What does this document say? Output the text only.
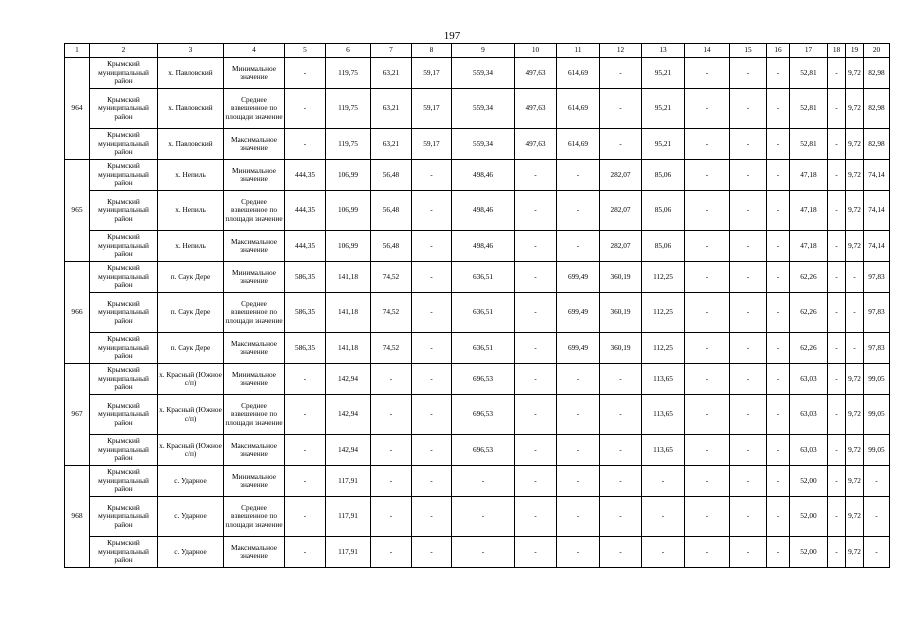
197
1	2	3	4	5	6	7	8	9	10	11	12	13	14	15	16	17	18	19	20
964	Крымский муниципальный район	х. Павловский	Минимальное значение	-	119,75	63,21	59,17	559,34	497,63	614,69	-	95,21	-	-	-	52,81	-	9,72	82,98
	Крымский муниципальный район	х. Павловский	Среднее взвешенное по площади значение	-	119,75	63,21	59,17	559,34	497,63	614,69	-	95,21	-	-	-	52,81	-	9,72	82,98
	Крымский муниципальный район	х. Павловский	Максимальное значение	-	119,75	63,21	59,17	559,34	497,63	614,69	-	95,21	-	-	-	52,81	-	9,72	82,98
965	Крымский муниципальный район	х. Непиль	Минимальное значение	444,35	106,99	56,48	-	498,46	-	-	282,07	85,06	-	-	-	47,18	-	9,72	74,14
	Крымский муниципальный район	х. Непиль	Среднее взвешенное по площади значение	444,35	106,99	56,48	-	498,46	-	-	282,07	85,06	-	-	-	47,18	-	9,72	74,14
	Крымский муниципальный район	х. Непиль	Максимальное значение	444,35	106,99	56,48	-	498,46	-	-	282,07	85,06	-	-	-	47,18	-	9,72	74,14
966	Крымский муниципальный район	п. Саук Дере	Минимальное значение	586,35	141,18	74,52	-	636,51	-	699,49	360,19	112,25	-	-	-	62,26	-	-	97,83
	Крымский муниципальный район	п. Саук Дере	Среднее взвешенное по площади значение	586,35	141,18	74,52	-	636,51	-	699,49	360,19	112,25	-	-	-	62,26	-	-	97,83
	Крымский муниципальный район	п. Саук Дере	Максимальное значение	586,35	141,18	74,52	-	636,51	-	699,49	360,19	112,25	-	-	-	62,26	-	-	97,83
967	Крымский муниципальный район	х. Красный (Южное с/п)	Минимальное значение	-	142,94	-	-	696,53	-	-	-	113,65	-	-	-	63,03	-	9,72	99,05
	Крымский муниципальный район	х. Красный (Южное с/п)	Среднее взвешенное по площади значение	-	142,94	-	-	696,53	-	-	-	113,65	-	-	-	63,03	-	9,72	99,05
	Крымский муниципальный район	х. Красный (Южное с/п)	Максимальное значение	-	142,94	-	-	696,53	-	-	-	113,65	-	-	-	63,03	-	9,72	99,05
968	Крымский муниципальный район	с. Ударное	Минимальное значение	-	117,91	-	-	-	-	-	-	-	-	-	-	52,00	-	9,72	-
	Крымский муниципальный район	с. Ударное	Среднее взвешенное по площади значение	-	117,91	-	-	-	-	-	-	-	-	-	-	52,00	-	9,72	-
	Крымский муниципальный район	с. Ударное	Максимальное значение	-	117,91	-	-	-	-	-	-	-	-	-	-	52,00	-	9,72	-
